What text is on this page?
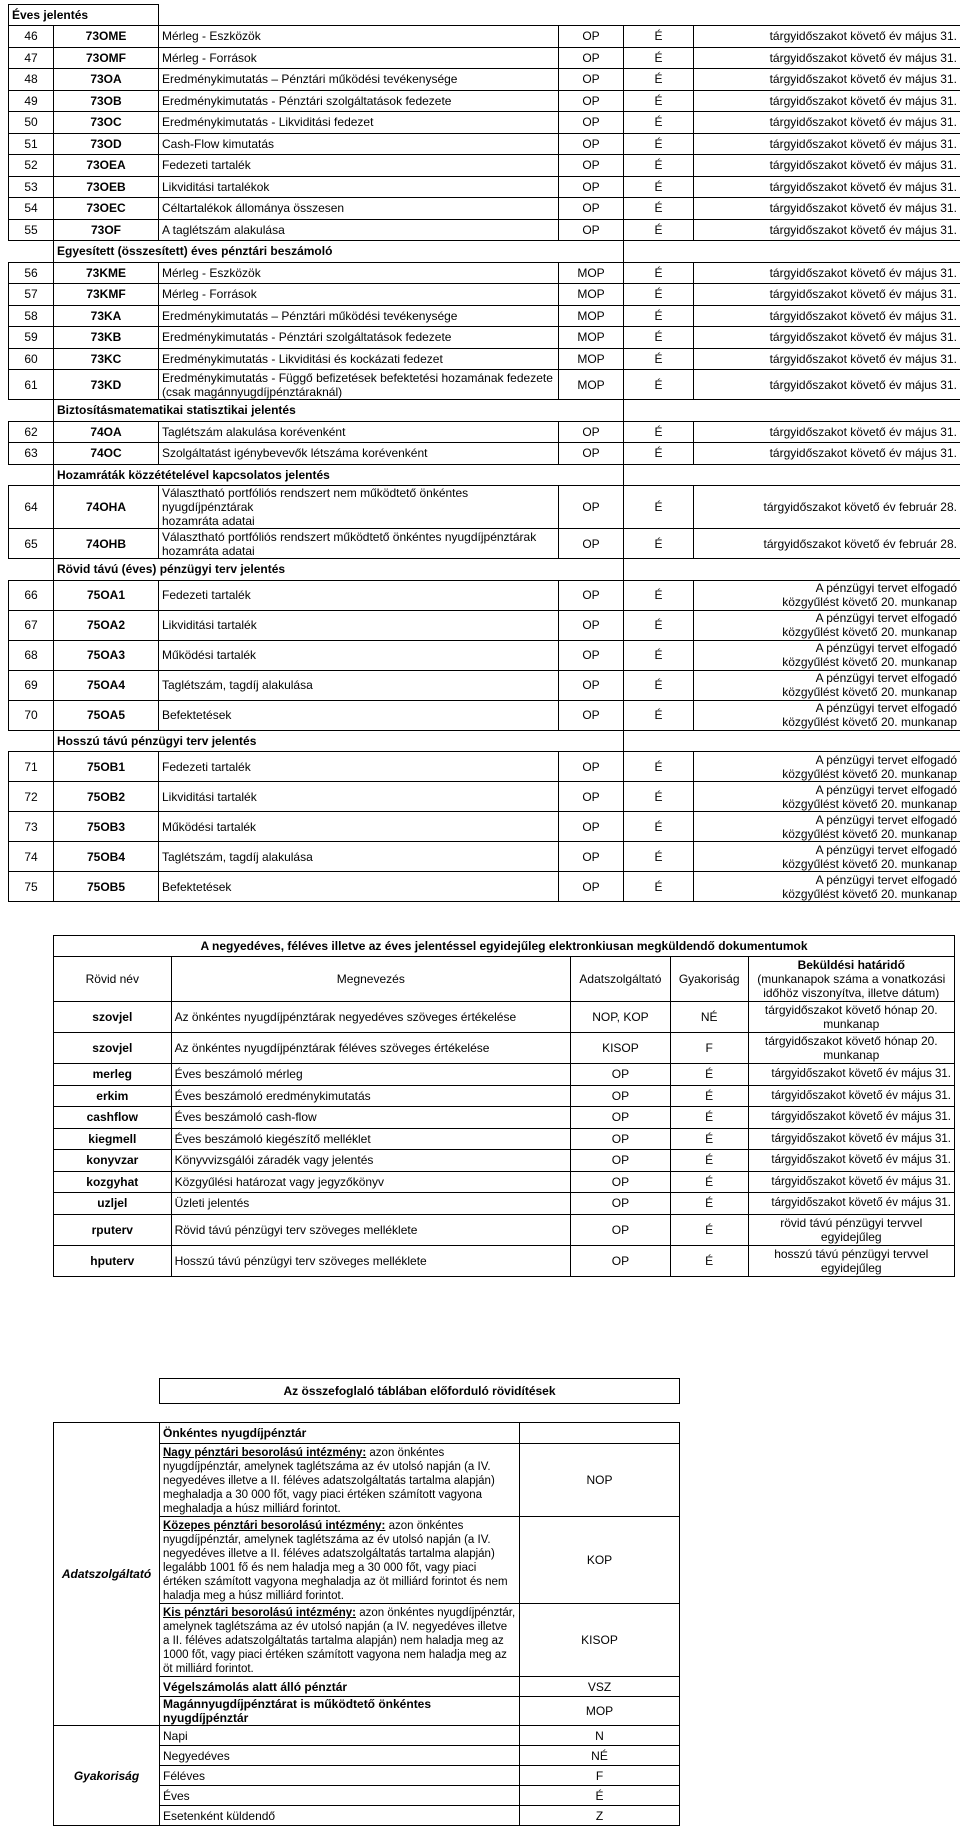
Éves jelentés					
46	73OME	Mérleg - Eszközök	OP	É	tárgyidőszakot követő év május 31.
47	73OMF	Mérleg - Források	OP	É	tárgyidőszakot követő év május 31.
48	73OA	Eredménykimutatás – Pénztári működési tevékenysége	OP	É	tárgyidőszakot követő év május 31.
49	73OB	Eredménykimutatás - Pénztári szolgáltatások fedezete	OP	É	tárgyidőszakot követő év május 31.
50	73OC	Eredménykimutatás - Likviditási fedezet	OP	É	tárgyidőszakot követő év május 31.
51	73OD	Cash-Flow kimutatás	OP	É	tárgyidőszakot követő év május 31.
52	73OEA	Fedezeti tartalék	OP	É	tárgyidőszakot követő év május 31.
53	73OEB	Likviditási tartalékok	OP	É	tárgyidőszakot követő év május 31.
54	73OEC	Céltartalékok állománya összesen	OP	É	tárgyidőszakot követő év május 31.
55	73OF	A taglétszám alakulása	OP	É	tárgyidőszakot követő év május 31.
	Egyesített (összesített) éves pénztári beszámoló				
56	73KME	Mérleg - Eszközök	MOP	É	tárgyidőszakot követő év május 31.
57	73KMF	Mérleg - Források	MOP	É	tárgyidőszakot követő év május 31.
58	73KA	Eredménykimutatás – Pénztári működési tevékenysége	MOP	É	tárgyidőszakot követő év május 31.
59	73KB	Eredménykimutatás - Pénztári szolgáltatások fedezete	MOP	É	tárgyidőszakot követő év május 31.
60	73KC	Eredménykimutatás - Likviditási és kockázati fedezet	MOP	É	tárgyidőszakot követő év május 31.
61	73KD	Eredménykimutatás - Függő befizetések befektetési hozamának fedezete
(csak magánnyugdíjpénztáraknál)	MOP	É	tárgyidőszakot követő év május 31.
	Biztosításmatematikai statisztikai jelentés				
62	74OA	Taglétszám alakulása korévenként	OP	É	tárgyidőszakot követő év május 31.
63	74OC	Szolgáltatást igénybevevők létszáma korévenként	OP	É	tárgyidőszakot követő év május 31.
	Hozamráták közzétételével kapcsolatos jelentés				
64	74OHA	Választható portfóliós rendszert nem működtető önkéntes nyugdíjpénztárak
hozamráta adatai	OP	É	tárgyidőszakot követő év február 28.
65	74OHB	Választható portfóliós rendszert működtető önkéntes nyugdíjpénztárak
hozamráta adatai	OP	É	tárgyidőszakot követő év február 28.
	Rövid távú (éves) pénzügyi terv jelentés				
66	75OA1	Fedezeti tartalék	OP	É	A pénzügyi tervet elfogadó
közgyűlést követő 20. munkanap
67	75OA2	Likviditási tartalék	OP	É	A pénzügyi tervet elfogadó
közgyűlést követő 20. munkanap
68	75OA3	Működési tartalék	OP	É	A pénzügyi tervet elfogadó
közgyűlést követő 20. munkanap
69	75OA4	Taglétszám, tagdíj alakulása	OP	É	A pénzügyi tervet elfogadó
közgyűlést követő 20. munkanap
70	75OA5	Befektetések	OP	É	A pénzügyi tervet elfogadó
közgyűlést követő 20. munkanap
	Hosszú távú pénzügyi terv jelentés				
71	75OB1	Fedezeti tartalék	OP	É	A pénzügyi tervet elfogadó
közgyűlést követő 20. munkanap
72	75OB2	Likviditási tartalék	OP	É	A pénzügyi tervet elfogadó
közgyűlést követő 20. munkanap
73	75OB3	Működési tartalék	OP	É	A pénzügyi tervet elfogadó
közgyűlést követő 20. munkanap
74	75OB4	Taglétszám, tagdíj alakulása	OP	É	A pénzügyi tervet elfogadó
közgyűlést követő 20. munkanap
75	75OB5	Befektetések	OP	É	A pénzügyi tervet elfogadó
közgyűlést követő 20. munkanap
A negyedéves, féléves illetve az éves jelentéssel egyidejűleg elektronkiusan megküldendő dokumentumok				
Rövid név	Megnevezés	Adatszolgáltató	Gyakoriság	Beküldési határidő
(munkanapok száma a vonatkozási
időhöz viszonyítva, illetve dátum)
szovjel	Az önkéntes nyugdíjpénztárak negyedéves szöveges értékelése	NOP, KOP	NÉ	tárgyidőszakot követő hónap 20.
munkanap
szovjel	Az önkéntes nyugdíjpénztárak féléves szöveges értékelése	KISOP	F	tárgyidőszakot követő hónap 20.
munkanap
merleg	Éves beszámoló mérleg	OP	É	tárgyidőszakot követő év május 31.
erkim	Éves beszámoló eredménykimutatás	OP	É	tárgyidőszakot követő év május 31.
cashflow	Éves beszámoló cash-flow	OP	É	tárgyidőszakot követő év május 31.
kiegmell	Éves beszámoló kiegészítő melléklet	OP	É	tárgyidőszakot követő év május 31.
konyvzar	Könyvvizsgálói záradék vagy jelentés	OP	É	tárgyidőszakot követő év május 31.
kozgyhat	Közgyűlési határozat vagy jegyzőkönyv	OP	É	tárgyidőszakot követő év május 31.
uzljel	Üzleti jelentés	OP	É	tárgyidőszakot követő év május 31.
rputerv	Rövid távú pénzügyi terv szöveges melléklete	OP	É	rövid távú pénzügyi tervvel
egyidejűleg
hputerv	Hosszú távú pénzügyi terv szöveges melléklete	OP	É	hosszú távú pénzügyi tervvel
egyidejűleg
	Az összefoglaló táblában előforduló rövidítések		

Adatszolgáltató	Önkéntes nyugdíjpénztár		
	Nagy pénztári besorolású intézmény: azon önkéntes nyugdíjpénztár, amelynek taglétszáma az év utolsó napján (a IV. negyedéves illetve a II. féléves adatszolgáltatás tartalma alapján) meghaladja a 30 000 főt, vagy piaci értéken számított vagyona meghaladja a húsz milliárd forintot.	NOP	
	Közepes pénztári besorolású intézmény: azon önkéntes nyugdíjpénztár, amelynek taglétszáma az év utolsó napján (a IV. negyedéves illetve a II. féléves adatszolgáltatás tartalma alapján) legalább 1001 fő és nem haladja meg a 30 000 főt, vagy piaci értéken számított vagyona meghaladja az öt milliárd forintot és nem haladja meg a húsz milliárd forintot.	KOP	
	Kis pénztári besorolású intézmény: azon önkéntes nyugdíjpénztár, amelynek taglétszáma az év utolsó napján (a IV. negyedéves illetve a II. féléves adatszolgáltatás tartalma alapján) nem haladja meg az 1000 főt, vagy piaci értéken számított vagyona nem haladja meg az öt milliárd forintot.	KISOP	
	Végelszámolás alatt álló pénztár	VSZ	
	Magánnyugdíjpénztárat is működtető önkéntes nyugdíjpénztár	MOP	
Gyakoriság	Napi	N	
	Negyedéves	NÉ	
	Féléves	F	
	Éves	É	
	Esetenként küldendő	Z	
